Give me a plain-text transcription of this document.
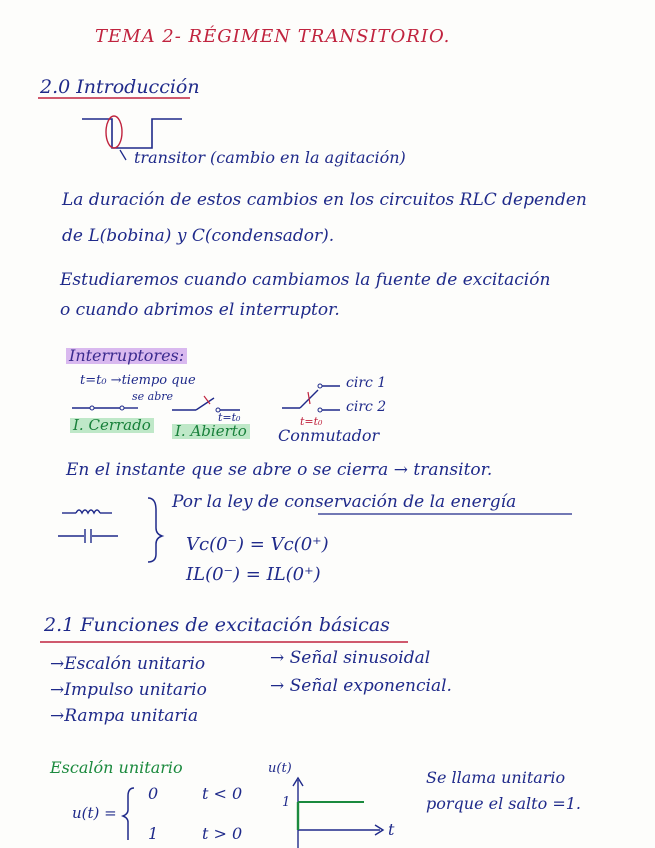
TEMA 2- RÉGIMEN TRANSITORIO.
2.0 Introducción
transitor (cambio en la agitación)
La duración de estos cambios en los circuitos RLC dependen
de L(bobina) y C(condensador).
Estudiaremos cuando cambiamos la fuente de excitación
o cuando abrimos el interruptor.
Interruptores:
t=t₀ →tiempo que
se abre
I. Cerrado I. Abierto
t=t₀
Conmutador
t=t₀
circ 1
circ 2
En el instante que se abre o se cierra → transitor.
Por la ley de conservación de la energía
Vc(0⁻) = Vc(0⁺)
IL(0⁻) = IL(0⁺)
2.1 Funciones de excitación básicas
→Escalón unitario
→Impulso unitario
→Rampa unitaria
→ Señal sinusoidal
→ Señal exponencial.
Escalón unitario
u(t) =
0	t < 0
1	t > 0
u(t)
1
t
Se llama unitario
porque el salto =1.
